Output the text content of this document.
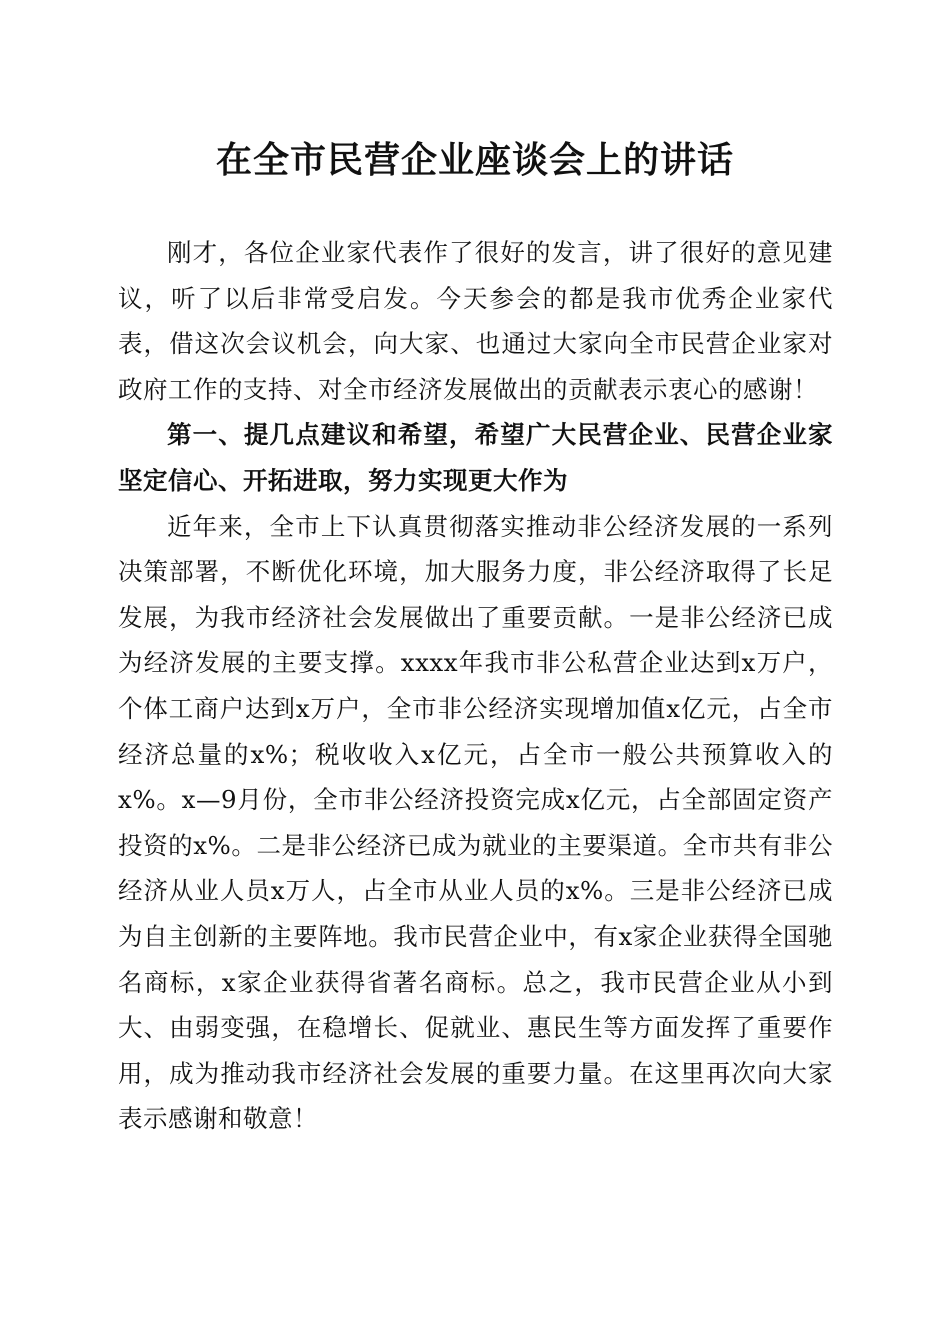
在全市民营企业座谈会上的讲话

刚才，各位企业家代表作了很好的发言，讲了很好的意见建议，听了以后非常受启发。今天参会的都是我市优秀企业家代表，借这次会议机会，向大家、也通过大家向全市民营企业家对政府工作的支持、对全市经济发展做出的贡献表示衷心的感谢！

第一、提几点建议和希望，希望广大民营企业、民营企业家坚定信心、开拓进取，努力实现更大作为

近年来，全市上下认真贯彻落实推动非公经济发展的一系列决策部署，不断优化环境，加大服务力度，非公经济取得了长足发展，为我市经济社会发展做出了重要贡献。一是非公经济已成为经济发展的主要支撑。xxxx年我市非公私营企业达到x万户，个体工商户达到x万户，全市非公经济实现增加值x亿元，占全市经济总量的x%；税收收入x亿元，占全市一般公共预算收入的x%。x—9月份，全市非公经济投资完成x亿元，占全部固定资产投资的x%。二是非公经济已成为就业的主要渠道。全市共有非公经济从业人员x万人，占全市从业人员的x%。三是非公经济已成为自主创新的主要阵地。我市民营企业中，有x家企业获得全国驰名商标，x家企业获得省著名商标。总之，我市民营企业从小到大、由弱变强，在稳增长、促就业、惠民生等方面发挥了重要作用，成为推动我市经济社会发展的重要力量。在这里再次向大家表示感谢和敬意！
